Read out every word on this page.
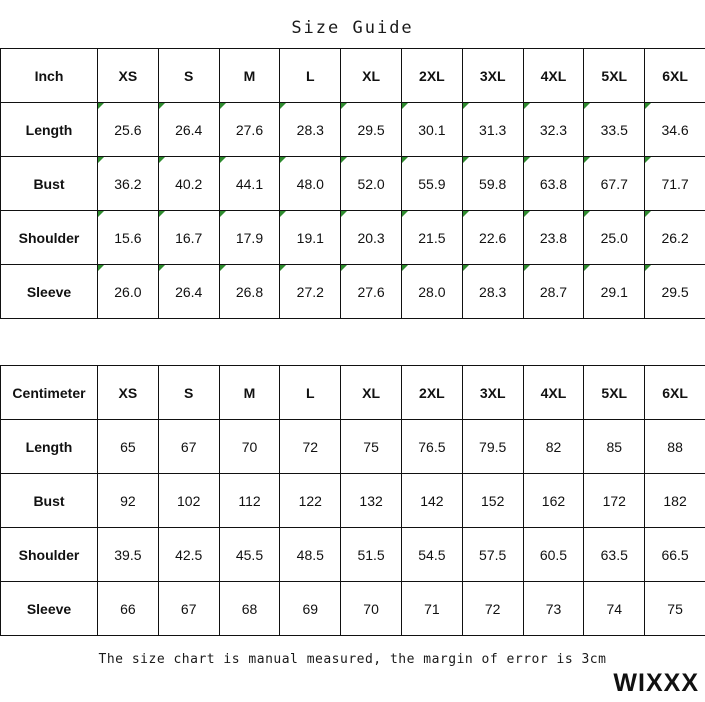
Size Guide
Inch	XS	S	M	L	XL	2XL	3XL	4XL	5XL	6XL
Length	25.6	26.4	27.6	28.3	29.5	30.1	31.3	32.3	33.5	34.6
Bust	36.2	40.2	44.1	48.0	52.0	55.9	59.8	63.8	67.7	71.7
Shoulder	15.6	16.7	17.9	19.1	20.3	21.5	22.6	23.8	25.0	26.2
Sleeve	26.0	26.4	26.8	27.2	27.6	28.0	28.3	28.7	29.1	29.5
Centimeter	XS	S	M	L	XL	2XL	3XL	4XL	5XL	6XL
Length	65	67	70	72	75	76.5	79.5	82	85	88
Bust	92	102	112	122	132	142	152	162	172	182
Shoulder	39.5	42.5	45.5	48.5	51.5	54.5	57.5	60.5	63.5	66.5
Sleeve	66	67	68	69	70	71	72	73	74	75
The size chart is manual measured, the margin of error is 3cm
WIXXX
